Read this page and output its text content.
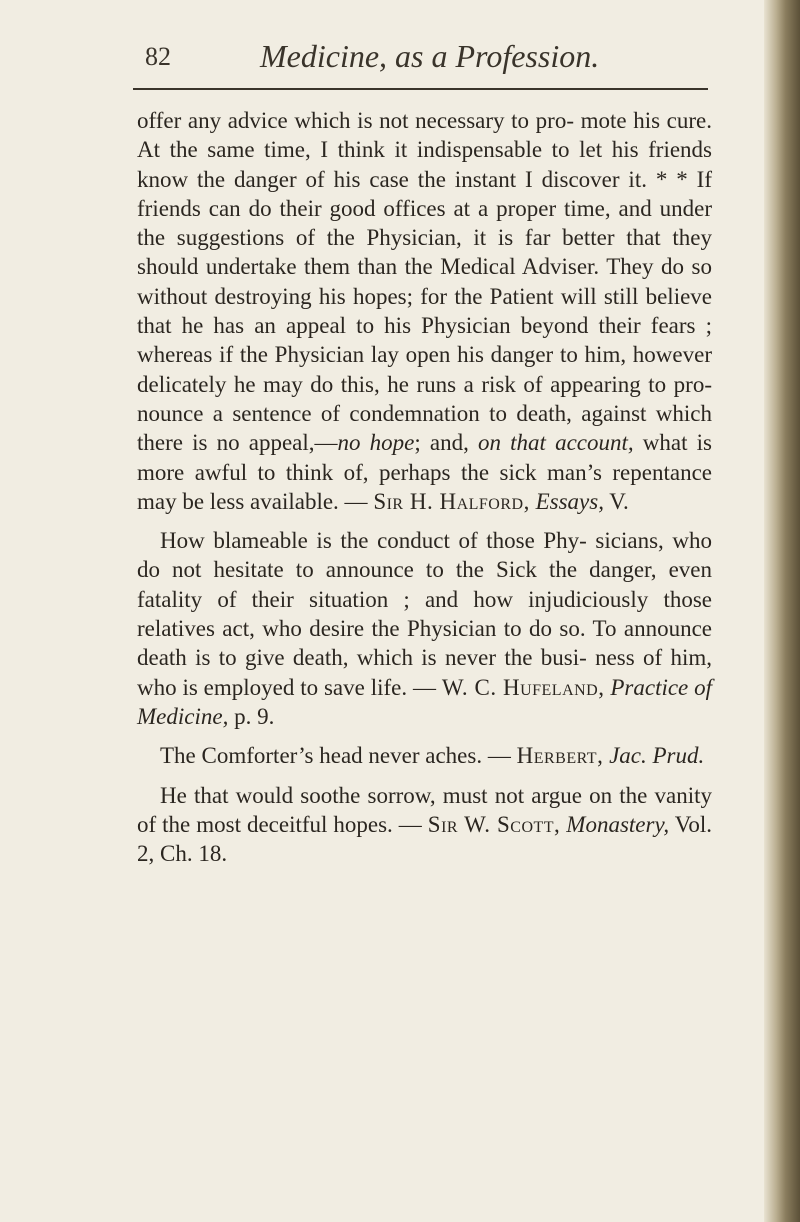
82	Medicine, as a Profession.

offer any advice which is not necessary to pro- mote his cure. At the same time, I think it indispensable to let his friends know the danger of his case the instant I discover it. * * If friends can do their good offices at a proper time, and under the suggestions of the Physician, it is far better that they should undertake them than the Medical Adviser. They do so without destroying his hopes; for the Patient will still believe that he has an appeal to his Physician beyond their fears ; whereas if the Physician lay open his danger to him, however delicately he may do this, he runs a risk of appearing to pro- nounce a sentence of condemnation to death, against which there is no appeal,—no hope; and, on that account, what is more awful to think of, perhaps the sick man’s repentance may be less available. — Sir H. Halford, Essays, V.

How blameable is the conduct of those Phy- sicians, who do not hesitate to announce to the Sick the danger, even fatality of their situation ; and how injudiciously those relatives act, who desire the Physician to do so. To announce death is to give death, which is never the busi- ness of him, who is employed to save life. — W. C. Hufeland, Practice of Medicine, p. 9.

The Comforter’s head never aches. — Herbert, Jac. Prud.

He that would soothe sorrow, must not argue on the vanity of the most deceitful hopes. — Sir W. Scott, Monastery, Vol. 2, Ch. 18.
